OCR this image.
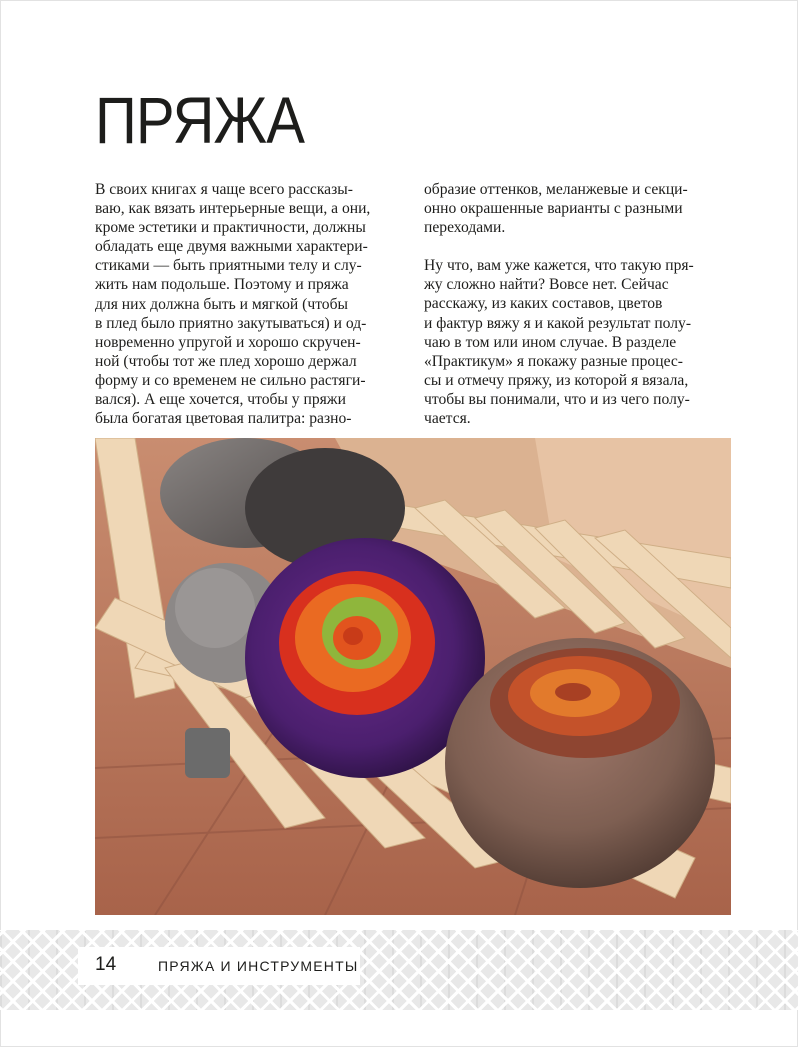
ПРЯЖА
В своих книгах я чаще всего рассказы-
ваю, как вязать интерьерные вещи, а они,
кроме эстетики и практичности, должны
обладать еще двумя важными характери-
стиками — быть приятными телу и слу-
жить нам подольше. Поэтому и пряжа
для них должна быть и мягкой (чтобы
в плед было приятно закутываться) и од-
новременно упругой и хорошо скручен-
ной (чтобы тот же плед хорошо держал
форму и со временем не сильно растяги-
вался). А еще хочется, чтобы у пряжи
была богатая цветовая палитра: разно-
образие оттенков, меланжевые и секци-
онно окрашенные варианты с разными
переходами.
Ну что, вам уже кажется, что такую пря-
жу сложно найти? Вовсе нет. Сейчас
расскажу, из каких составов, цветов
и фактур вяжу я и какой результат полу-
чаю в том или ином случае. В разделе
«Практикум» я покажу разные процес-
сы и отмечу пряжу, из которой я вязала,
чтобы вы понимали, что и из чего полу-
чается.
14	ПРЯЖА И ИНСТРУМЕНТЫ
